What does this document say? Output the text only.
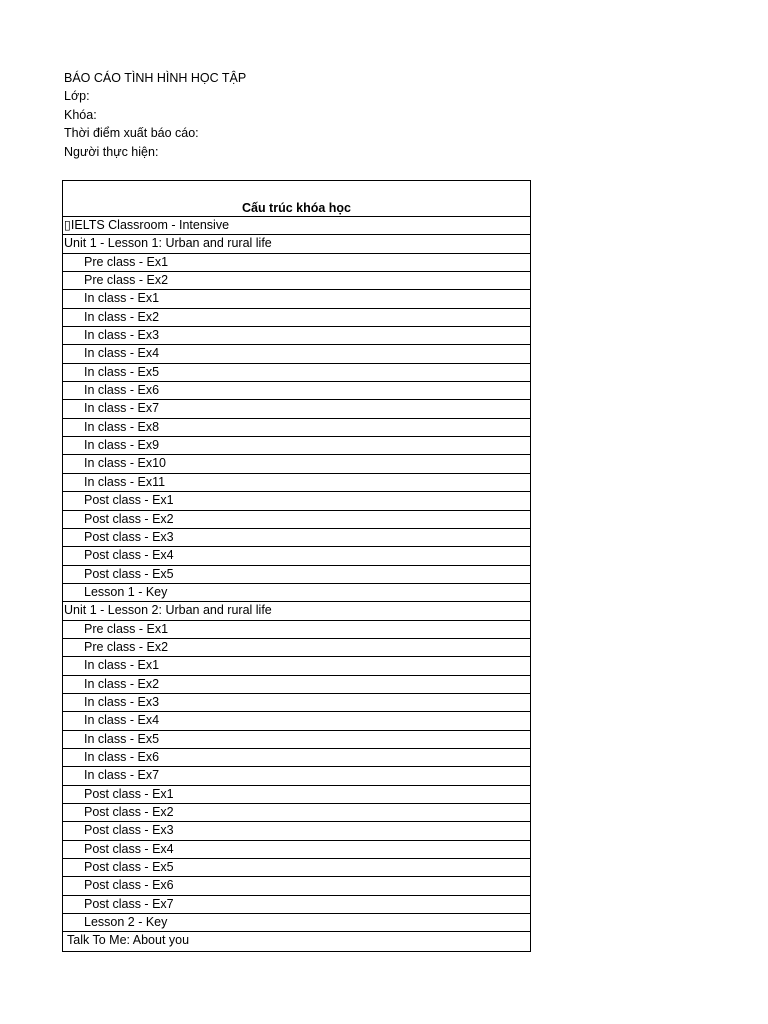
BÁO CÁO TÌNH HÌNH HỌC TẬP
Lớp:
Khóa:
Thời điểm xuất báo cáo:
Người thực hiện:
Cấu trúc khóa học
▯IELTS Classroom - Intensive
Unit 1 - Lesson 1: Urban and rural life
Pre class - Ex1
Pre class - Ex2
In class - Ex1
In class - Ex2
In class - Ex3
In class - Ex4
In class - Ex5
In class - Ex6
In class - Ex7
In class - Ex8
In class - Ex9
In class - Ex10
In class - Ex11
Post class - Ex1
Post class - Ex2
Post class - Ex3
Post class - Ex4
Post class - Ex5
Lesson 1 - Key
Unit 1 - Lesson 2: Urban and rural life
Pre class - Ex1
Pre class - Ex2
In class - Ex1
In class - Ex2
In class - Ex3
In class - Ex4
In class - Ex5
In class - Ex6
In class - Ex7
Post class - Ex1
Post class - Ex2
Post class - Ex3
Post class - Ex4
Post class - Ex5
Post class - Ex6
Post class - Ex7
Lesson 2 - Key
Talk To Me: About you
